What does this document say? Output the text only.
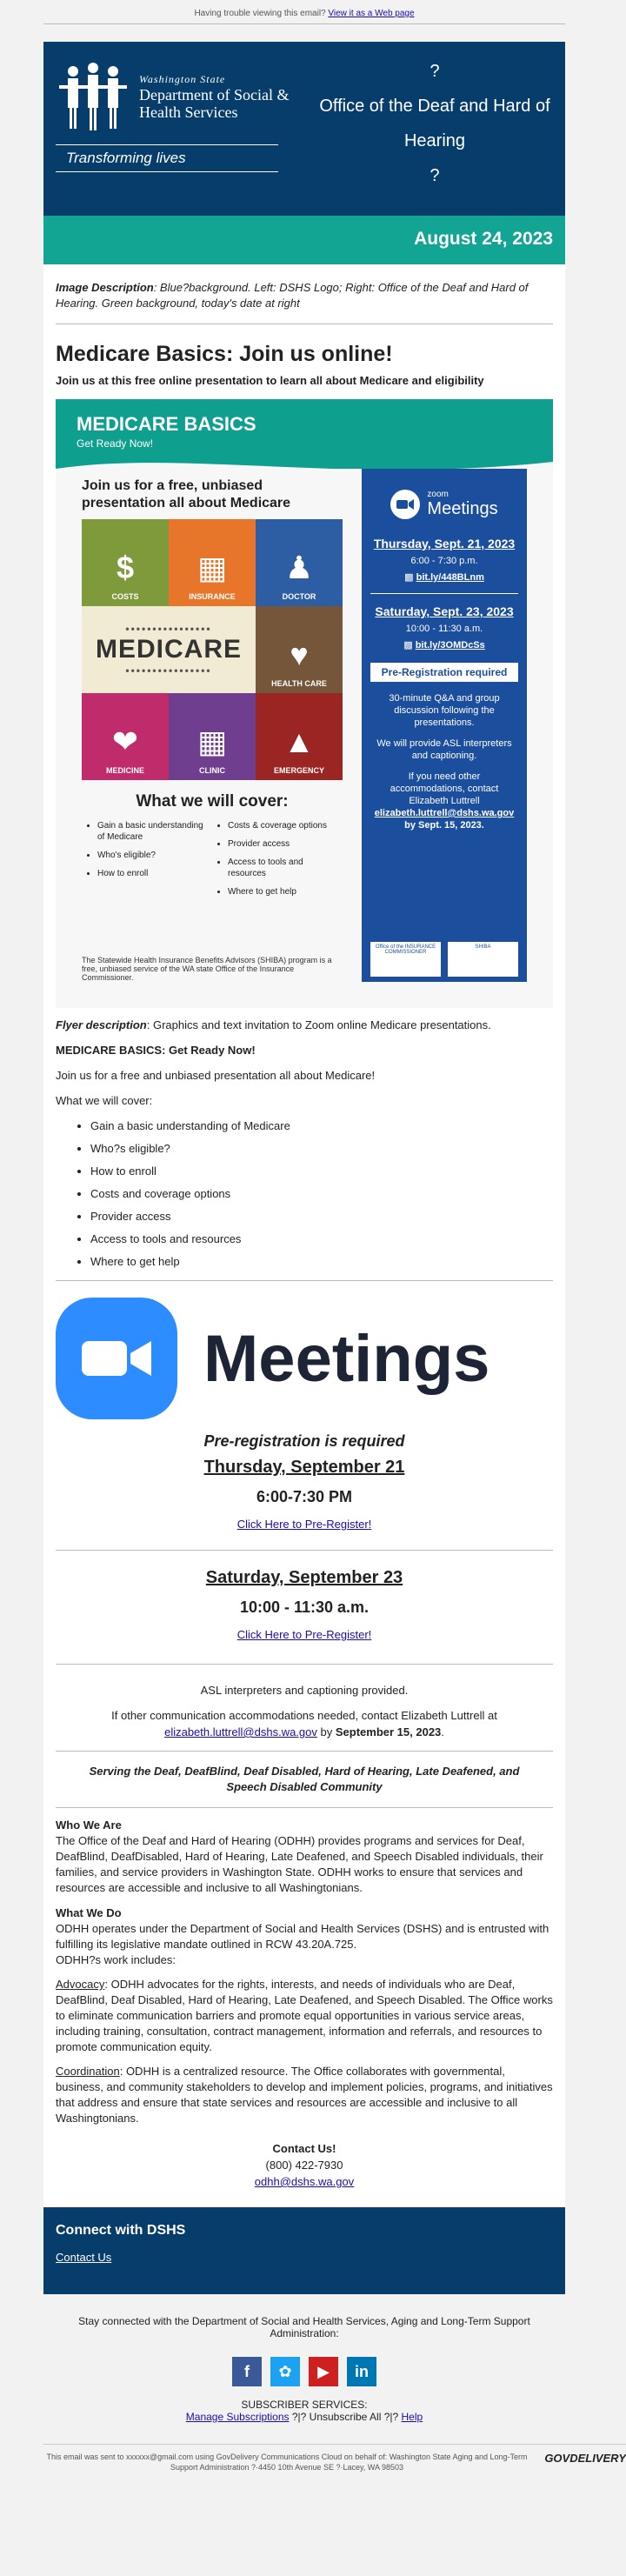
Having trouble viewing this email? View it as a Web page
Washington State
Department of Social & Health Services
Transforming lives
?
Office of the Deaf and Hard of Hearing
?
August 24, 2023
Image Description: Blue?background. Left: DSHS Logo; Right: Office of the Deaf and Hard of Hearing. Green background, today's date at right
Medicare Basics: Join us online!

Join us at this free online presentation to learn all about Medicare and eligibility

MEDICARE BASICS
Get Ready Now!

Join us for a free, unbiased presentation all about Medicare

$
COSTS
▦
INSURANCE
♟
DOCTOR
••••••••••••••••
MEDICARE
•••••••••••••••• ♥
HEALTH CARE
❤
MEDICINE
▦
CLINIC
▲
EMERGENCY
What we will cover:
• Gain a basic understanding of Medicare
• Who's eligible?
• How to enroll
• Costs & coverage options
• Provider access
• Access to tools and resources
• Where to get help
The Statewide Health Insurance Benefits Advisors (SHIBA) program is a free, unbiased service of the WA state Office of the Insurance Commissioner.
zoom
Meetings
Thursday, Sept. 21, 2023
6:00 - 7:30 p.m.
▩ bit.ly/448BLnm
Saturday, Sept. 23, 2023
10:00 - 11:30 a.m.
▩ bit.ly/3OMDcSs
Pre-Registration required

30-minute Q&A and group discussion following the presentations.

We will provide ASL interpreters and captioning.

If you need other accommodations, contact Elizabeth Luttrell
elizabeth.luttrell@dshs.wa.gov
by Sept. 15, 2023.

Office of the INSURANCE COMMISSIONER
SHIBA

Flyer description: Graphics and text invitation to Zoom online Medicare presentations.

MEDICARE BASICS: Get Ready Now!

Join us for a free and unbiased presentation all about Medicare!

What we will cover:

• Gain a basic understanding of Medicare
• Who?s eligible?
• How to enroll
• Costs and coverage options
• Provider access
• Access to tools and resources
• Where to get help
Meetings
Pre-registration is required
Thursday, September 21
6:00-7:30 PM
Click Here to Pre-Register!
Saturday, September 23
10:00 - 11:30 a.m.
Click Here to Pre-Register!

ASL interpreters and captioning provided.

If other communication accommodations needed, contact Elizabeth Luttrell at
elizabeth.luttrell@dshs.wa.gov by September 15, 2023.

Serving the Deaf, DeafBlind, Deaf Disabled, Hard of Hearing, Late Deafened, and Speech Disabled Community
Who We Are

The Office of the Deaf and Hard of Hearing (ODHH) provides programs and services for Deaf, DeafBlind, DeafDisabled, Hard of Hearing, Late Deafened, and Speech Disabled individuals, their families, and service providers in Washington State. ODHH works to ensure that services and resources are accessible and inclusive to all Washingtonians.

What We Do

ODHH operates under the Department of Social and Health Services (DSHS) and is entrusted with fulfilling its legislative mandate outlined in RCW 43.20A.725.
ODHH?s work includes:

Advocacy: ODHH advocates for the rights, interests, and needs of individuals who are Deaf, DeafBlind, Deaf Disabled, Hard of Hearing, Late Deafened, and Speech Disabled. The Office works to eliminate communication barriers and promote equal opportunities in various service areas, including training, consultation, contract management, information and referrals, and resources to promote communication equity.

Coordination: ODHH is a centralized resource. The Office collaborates with governmental, business, and community stakeholders to develop and implement policies, programs, and initiatives that address and ensure that state services and resources are accessible and inclusive to all Washingtonians.

Contact Us!
(800) 422-7930
odhh@dshs.wa.gov
Connect with DSHS
Contact Us
Stay connected with the Department of Social and Health Services, Aging and Long-Term Support Administration:
f	✿	▶	in
SUBSCRIBER SERVICES:
Manage Subscriptions ?|? Unsubscribe All ?|? Help
This email was sent to xxxxxx@gmail.com using GovDelivery Communications Cloud on behalf of: Washington State Aging and Long-Term Support Administration ?·4450 10th Avenue SE ?·Lacey, WA 98503
GOVDELIVERY
